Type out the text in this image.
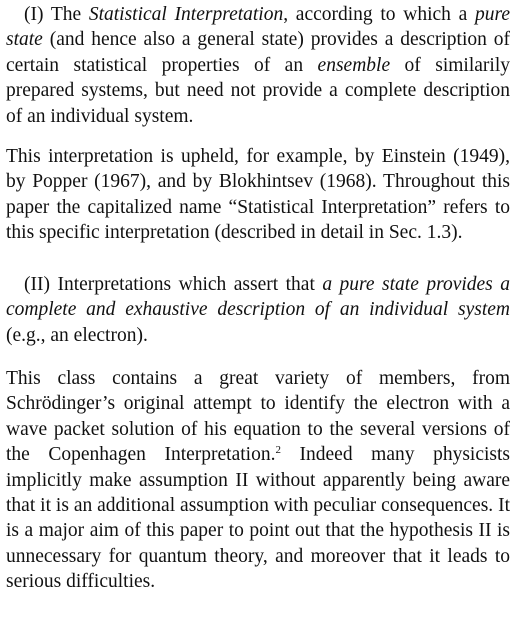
(I) The Statistical Interpretation, according to which a pure state (and hence also a general state) provides a description of certain statistical properties of an ensemble of similarily prepared systems, but need not provide a complete description of an individual system.

This interpretation is upheld, for example, by Einstein (1949), by Popper (1967), and by Blokhintsev (1968). Throughout this paper the capitalized name “Statistical Interpretation” refers to this specific interpretation (described in detail in Sec. 1.3).

(II) Interpretations which assert that a pure state provides a complete and exhaustive description of an individual system (e.g., an electron).

This class contains a great variety of members, from Schrödinger’s original attempt to identify the electron with a wave packet solution of his equation to the several versions of the Copenhagen Interpretation.$^2$ Indeed many physicists implicitly make assumption II without apparently being aware that it is an additional assumption with peculiar consequences. It is a major aim of this paper to point out that the hypothesis II is unnecessary for quantum theory, and moreover that it leads to serious difficulties.
